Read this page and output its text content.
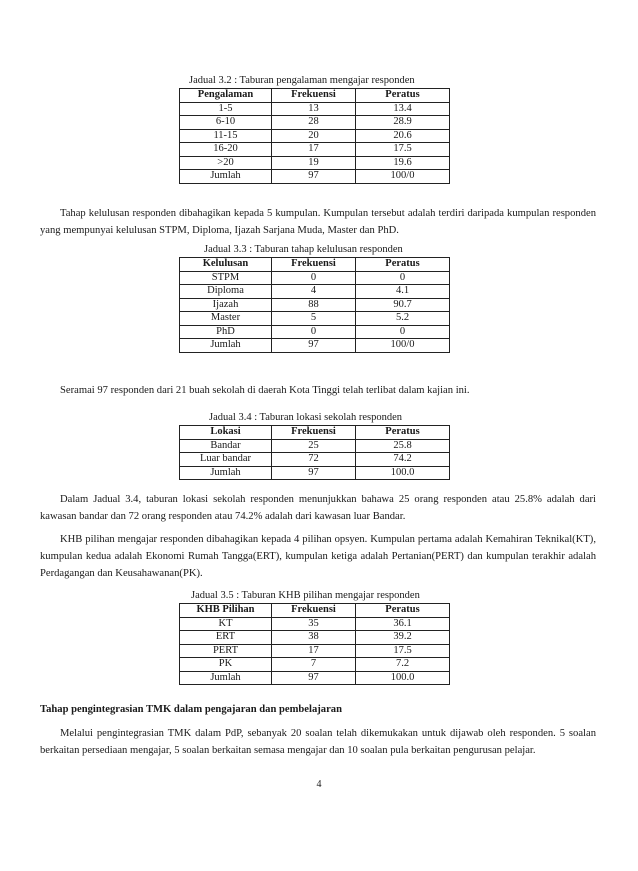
Jadual 3.2 : Taburan pengalaman mengajar responden
Pengalaman	Frekuensi	Peratus
1-5	13	13.4
6-10	28	28.9
11-15	20	20.6
16-20	17	17.5
>20	19	19.6
Jumlah	97	100/0
Tahap kelulusan responden dibahagikan kepada 5 kumpulan. Kumpulan tersebut adalah terdiri daripada kumpulan responden yang mempunyai kelulusan STPM, Diploma, Ijazah Sarjana Muda, Master dan PhD.
Jadual 3.3 : Taburan tahap kelulusan responden
Kelulusan	Frekuensi	Peratus
STPM	0	0
Diploma	4	4.1
Ijazah	88	90.7
Master	5	5.2
PhD	0	0
Jumlah	97	100/0
Seramai 97 responden dari 21 buah sekolah di daerah Kota Tinggi telah terlibat dalam kajian ini.
Jadual 3.4 : Taburan lokasi sekolah responden
Lokasi	Frekuensi	Peratus
Bandar	25	25.8
Luar bandar	72	74.2
Jumlah	97	100.0
Dalam Jadual 3.4, taburan lokasi sekolah responden menunjukkan bahawa 25 orang responden atau 25.8% adalah dari kawasan bandar dan 72 orang responden atau 74.2% adalah dari kawasan luar Bandar.
KHB pilihan mengajar responden dibahagikan kepada 4 pilihan opsyen. Kumpulan pertama adalah Kemahiran Teknikal(KT), kumpulan kedua adalah Ekonomi Rumah Tangga(ERT), kumpulan ketiga adalah Pertanian(PERT) dan kumpulan terakhir adalah Perdagangan dan Keusahawanan(PK).
Jadual 3.5 : Taburan KHB pilihan mengajar responden
KHB Pilihan	Frekuensi	Peratus
KT	35	36.1
ERT	38	39.2
PERT	17	17.5
PK	7	7.2
Jumlah	97	100.0
Tahap pengintegrasian TMK dalam pengajaran dan pembelajaran
Melalui pengintegrasian TMK dalam PdP, sebanyak 20 soalan telah dikemukakan untuk dijawab oleh responden. 5 soalan berkaitan persediaan mengajar, 5 soalan berkaitan semasa mengajar dan 10 soalan pula berkaitan pengurusan pelajar.
4
